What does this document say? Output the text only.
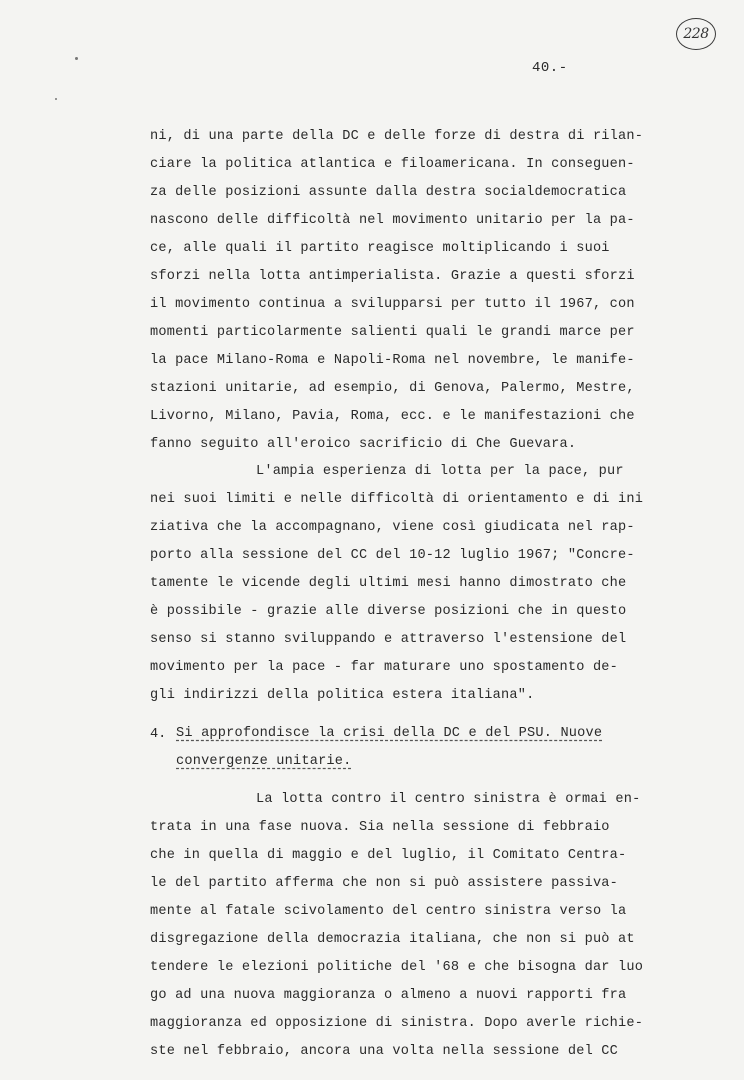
228
40.-
ni, di una parte della DC e delle forze di destra di rilan-
ciare la politica atlantica e filoamericana. In conseguen-
za delle posizioni assunte dalla destra socialdemocratica
nascono delle difficoltà nel movimento unitario per la pa-
ce, alle quali il partito reagisce moltiplicando i suoi
sforzi nella lotta antimperialista. Grazie a questi sforzi
il movimento continua a svilupparsi per tutto il 1967, con
momenti particolarmente salienti quali le grandi marce per
la pace Milano-Roma e Napoli-Roma nel novembre, le manife-
stazioni unitarie, ad esempio, di Genova, Palermo, Mestre,
Livorno, Milano, Pavia, Roma, ecc. e le manifestazioni che
fanno seguito all'eroico sacrificio di Che Guevara.
L'ampia esperienza di lotta per la pace, pur
nei suoi limiti e nelle difficoltà di orientamento e di ini
ziativa che la accompagnano, viene così giudicata nel rap-
porto alla sessione del CC del 10-12 luglio 1967; "Concre-
tamente le vicende degli ultimi mesi hanno dimostrato che
è possibile - grazie alle diverse posizioni che in questo
senso si stanno sviluppando e attraverso l'estensione del
movimento per la pace - far maturare uno spostamento de-
gli indirizzi della politica estera italiana".
4. Si approfondisce la crisi della DC e del PSU. Nuove
convergenze unitarie.
La lotta contro il centro sinistra è ormai en-
trata in una fase nuova. Sia nella sessione di febbraio
che in quella di maggio e del luglio, il Comitato Centra-
le del partito afferma che non si può assistere passiva-
mente al fatale scivolamento del centro sinistra verso la
disgregazione della democrazia italiana, che non si può at
tendere le elezioni politiche del '68 e che bisogna dar luo
go ad una nuova maggioranza o almeno a nuovi rapporti fra
maggioranza ed opposizione di sinistra. Dopo averle richie-
ste nel febbraio, ancora una volta nella sessione del CC
